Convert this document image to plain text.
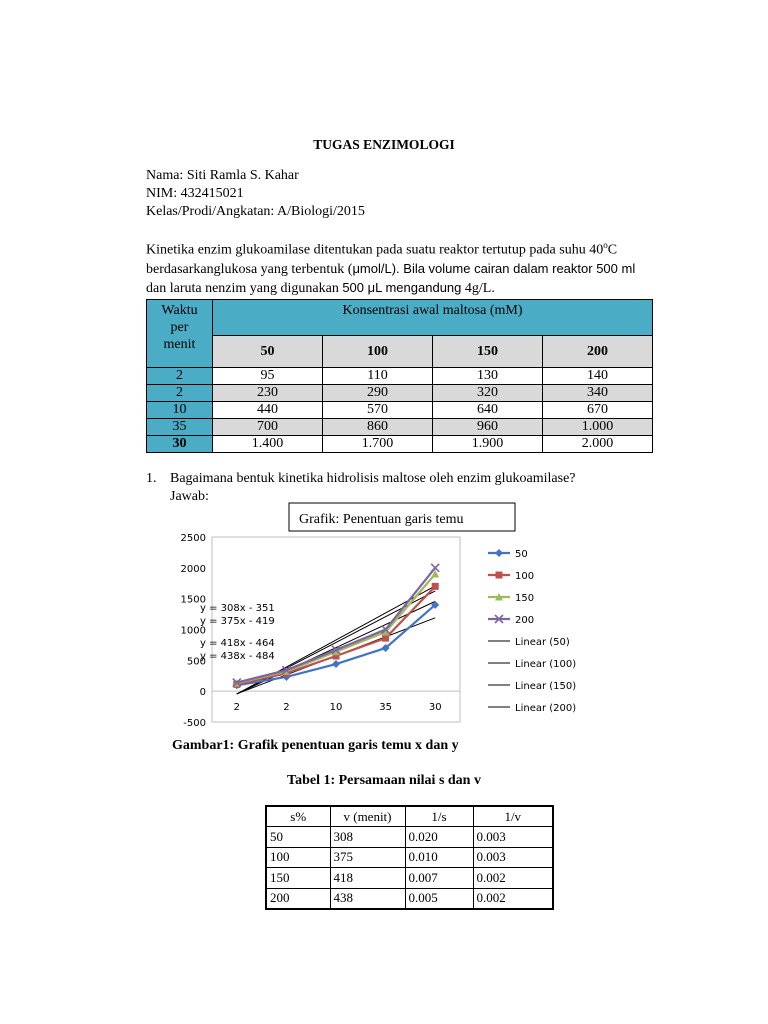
TUGAS ENZIMOLOGI
Nama: Siti Ramla S. Kahar
NIM: 432415021
Kelas/Prodi/Angkatan: A/Biologi/2015
Kinetika enzim glukoamilase ditentukan pada suatu reaktor tertutup pada suhu 40$^o$C
berdasarkanglukosa yang terbentuk (μmol/L). Bila volume cairan dalam reaktor 500 ml
dan laruta nenzim yang digunakan 500 μL mengandung 4g/L.
Waktu
per
menit	Konsentrasi awal maltosa (mM)			
	50	100	150	200
2	95	110	130	140
2	230	290	320	340
10	440	570	640	670
35	700	860	960	1.000
30	1.400	1.700	1.900	2.000
1. Bagaimana bentuk kinetika hidrolisis maltose oleh enzim glukoamilase?
Jawab:
Grafik: Penentuan garis temu
2500
2000
1500
1000
500
0
-500
2	2	10	35	30
y = 308x - 351
y = 375x - 419
y = 418x - 464
y = 438x - 484
50
100
150
200
Linear (50)
Linear (100)
Linear (150)
Linear (200)
Gambar1: Grafik penentuan garis temu x dan y
Tabel 1: Persamaan nilai s dan v
s%	v (menit)	1/s	1/v
50	308	0.020	0.003
100	375	0.010	0.003
150	418	0.007	0.002
200	438	0.005	0.002
